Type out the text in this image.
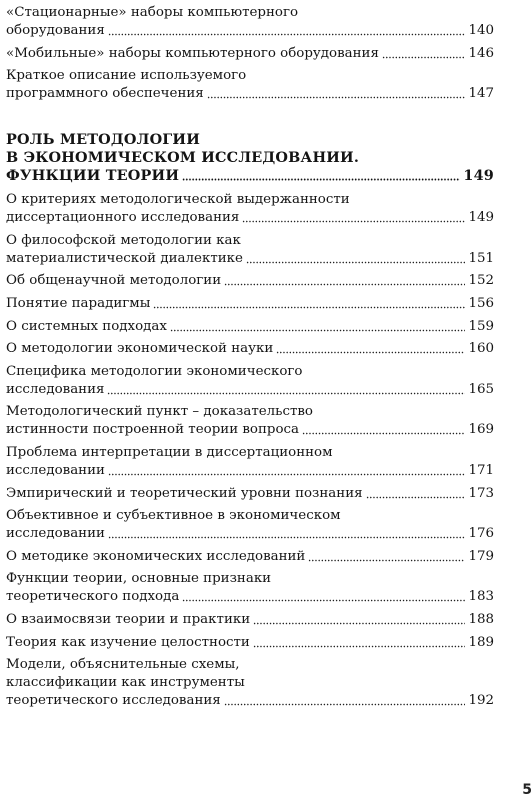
«Стационарные» наборы компьютерного
оборудования	140
«Мобильные» наборы компьютерного оборудования	146
Краткое описание используемого
программного обеспечения	147
РОЛЬ МЕТОДОЛОГИИ
В ЭКОНОМИЧЕСКОМ ИССЛЕДОВАНИИ.
ФУНКЦИИ ТЕОРИИ	149
О критериях методологической выдержанности
диссертационного исследования	149
О философской методологии как
материалистической диалектике	151
Об общенаучной методологии	152
Понятие парадигмы	156
О системных подходах	159
О методологии экономической науки	160
Специфика методологии экономического
исследования	165
Методологический пункт – доказательство
истинности построенной теории вопроса	169
Проблема интерпретации в диссертационном
исследовании	171
Эмпирический и теоретический уровни познания	173
Объективное и субъективное в экономическом
исследовании	176
О методике экономических исследований	179
Функции теории, основные признаки
теоретического подхода	183
О взаимосвязи теории и практики	188
Теория как изучение целостности	189
Модели, объяснительные схемы,
классификации как инструменты
теоретического исследования	192
5
